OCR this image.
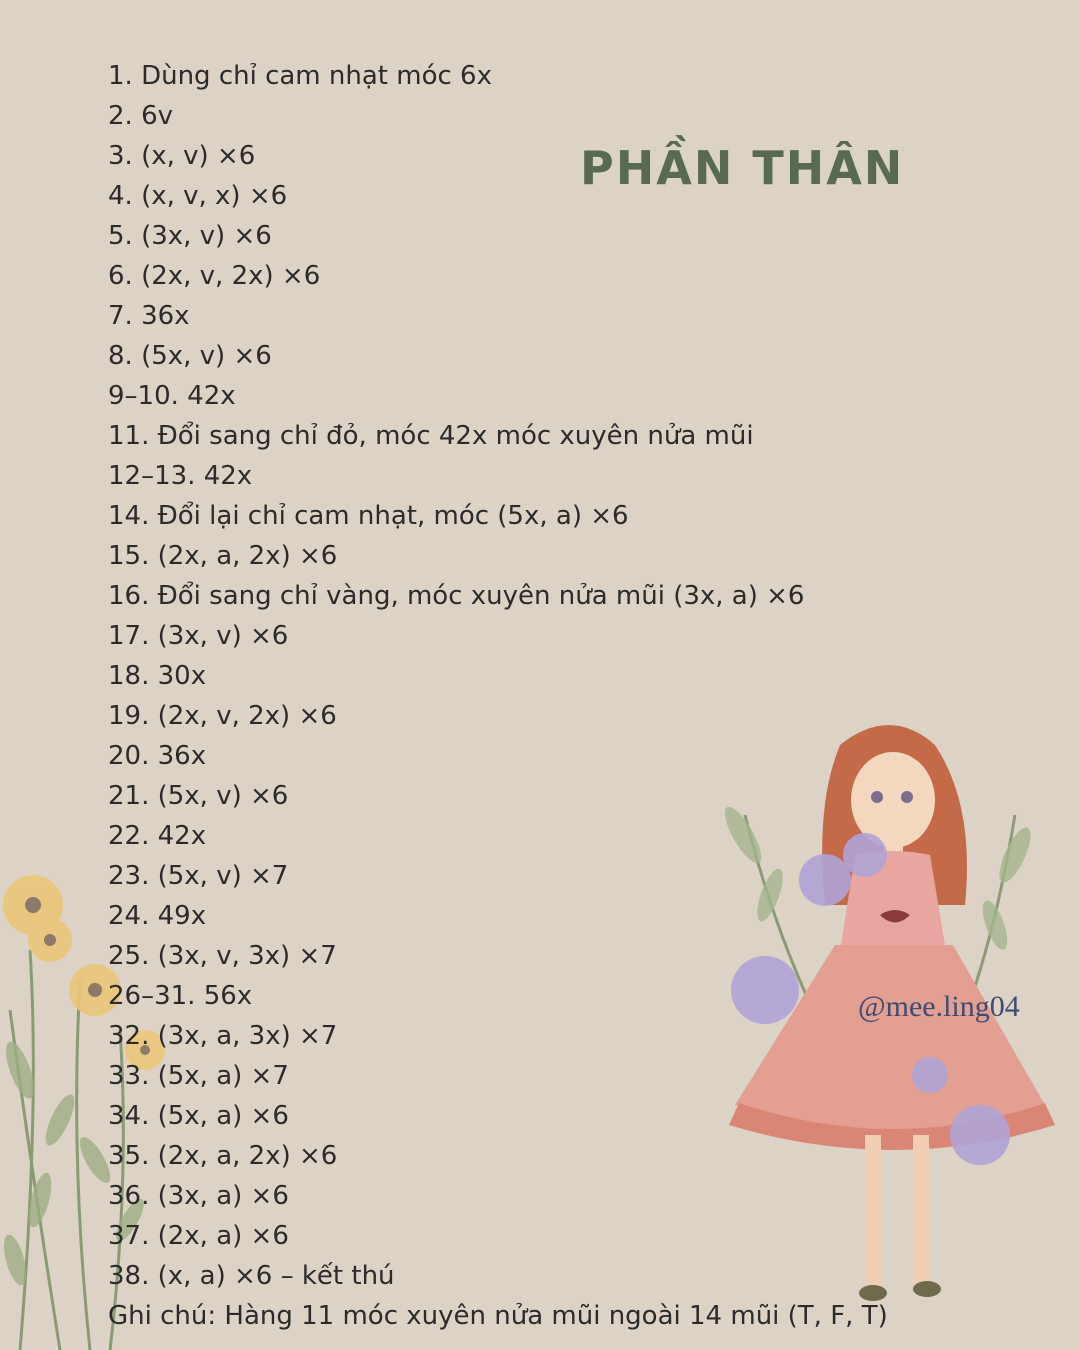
PHẦN THÂN
1. Dùng chỉ cam nhạt móc 6x
2. 6v
3. (x, v) ×6
4. (x, v, x) ×6
5. (3x, v) ×6
6. (2x, v, 2x) ×6
7. 36x
8. (5x, v) ×6
9–10. 42x
11. Đổi sang chỉ đỏ, móc 42x móc xuyên nửa mũi
12–13. 42x
14. Đổi lại chỉ cam nhạt, móc (5x, a) ×6
15. (2x, a, 2x) ×6
16. Đổi sang chỉ vàng, móc xuyên nửa mũi (3x, a) ×6
17. (3x, v) ×6
18. 30x
19. (2x, v, 2x) ×6
20. 36x
21. (5x, v) ×6
22. 42x
23. (5x, v) ×7
24. 49x
25. (3x, v, 3x) ×7
26–31. 56x
32. (3x, a, 3x) ×7
33. (5x, a) ×7
34. (5x, a) ×6
35. (2x, a, 2x) ×6
36. (3x, a) ×6
37. (2x, a) ×6
38. (x, a) ×6 – kết thú
Ghi chú: Hàng 11 móc xuyên nửa mũi ngoài 14 mũi (T, F, T)
@mee.ling04
